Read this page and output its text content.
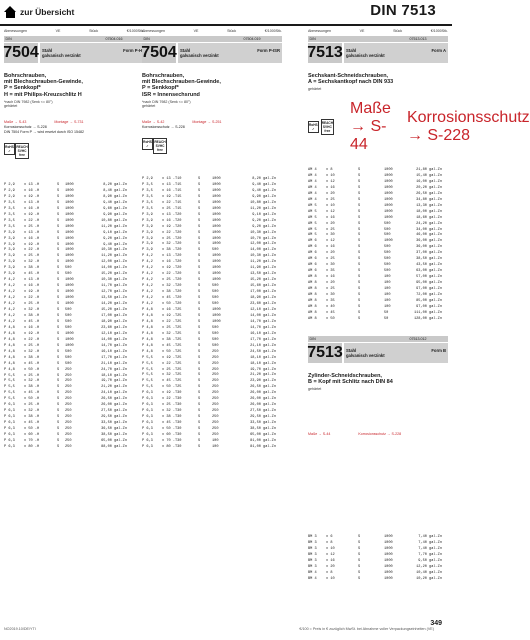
zur Übersicht	DIN 7513
Abmessungen	VE	Stück	€/1000Stk.
DIN	07504.016
7504 Stahl	Form P-H
galvanisch verzinkt
Bohrschrauben,
mit Blechschrauben-Gewinde,
P = Senkkopf*
H = mit Philips-Kreuzschlitz H
*nach DIN 7982 (Senk <= 80°)
gehärtet
Maße → S-43	Montage → S-731
Korrosionsschutz → S-228
DIN 7504 Form P → wird ersetzt durch ISO 15482
RoHS
✓
REACH
SVHC
free
Abmessungen	VE	Stück	€/1000Stk.
DIN	07504.019
7504 Stahl	Form P-ISR
galvanisch verzinkt
Bohrschrauben,
mit Blechschrauben-Gewinde,
P = Senkkopf*
ISR = Innensechsrund
*nach DIN 7982 (Senk <= 80°)
gehärtet
Maße → S-42	Montage → S-251
Korrosionsschutz → S-228
RoHS
✓
REACH
SVHC
free
Abmessungen	VE	Stück	€/1000Stk.
DIN	07513.013
7513 Stahl	Form A
galvanisch verzinkt
Sechskant-Schneidschrauben,
A = Sechskantkopf nach DIN 933
gehärtet
RoHS
✓
REACH
SVHC
free
Maße → S-44
Korrosionsschutz → S-228
P 2,9	x 13 -H	S	1000	8,20 gal.Zn
P 2,9	x 16 -H	S	1000	8,40 gal.Zn
P 2,9	x 19 -H	S	1000	8,90 gal.Zn
P 3,5	x 13 -H	S	1000	9,40 gal.Zn
P 3,5	x 16 -H	S	1000	9,60 gal.Zn
P 3,5	x 19 -H	S	1000	9,90 gal.Zn
P 3,5	x 22 -H	S	1000	10,80 gal.Zn
P 3,5	x 25 -H	S	1000	11,20 gal.Zn
P 3,9	x 13 -H	S	1000	9,10 gal.Zn
P 3,9	x 16 -H	S	1000	9,20 gal.Zn
P 3,9	x 19 -H	S	1000	9,40 gal.Zn
P 3,9	x 22 -H	S	1000	10,30 gal.Zn
P 3,9	x 25 -H	S	1000	11,20 gal.Zn
P 3,9	x 32 -H	S	1000	12,00 gal.Zn
P 3,9	x 38 -H	S	500	14,00 gal.Zn
P 3,9	x 45 -H	S	500	15,20 gal.Zn
P 4,2	x 13 -H	S	1000	10,30 gal.Zn
P 4,2	x 16 -H	S	1000	11,70 gal.Zn
P 4,2	x 19 -H	S	1000	12,70 gal.Zn
P 4,2	x 22 -H	S	1000	13,50 gal.Zn
P 4,2	x 25 -H	S	1000	14,20 gal.Zn
P 4,2	x 32 -H	S	500	15,20 gal.Zn
P 4,2	x 38 -H	S	500	17,00 gal.Zn
P 4,2	x 45 -H	S	500	18,90 gal.Zn
P 4,8	x 16 -H	S	500	23,60 gal.Zn
P 4,8	x 19 -H	S	1000	12,10 gal.Zn
P 4,8	x 22 -H	S	1000	14,00 gal.Zn
P 4,8	x 25 -H	S	1000	14,70 gal.Zn
P 4,8	x 32 -H	S	500	16,10 gal.Zn
P 4,8	x 38 -H	S	500	17,70 gal.Zn
P 4,8	x 45 -H	S	500	21,10 gal.Zn
P 4,8	x 50 -H	S	250	24,70 gal.Zn
P 5,5	x 25 -H	S	250	18,10 gal.Zn
P 5,5	x 32 -H	S	250	19,70 gal.Zn
P 5,5	x 38 -H	S	250	21,20 gal.Zn
P 5,5	x 45 -H	S	250	24,10 gal.Zn
P 5,5	x 50 -H	S	250	26,50 gal.Zn
P 6,3	x 25 -H	S	250	26,00 gal.Zn
P 6,3	x 32 -H	S	250	27,50 gal.Zn
P 6,3	x 38 -H	S	250	29,50 gal.Zn
P 6,3	x 45 -H	S	250	33,50 gal.Zn
P 6,3	x 50 -H	S	250	36,50 gal.Zn
P 6,3	x 60 -H	S	250	38,50 gal.Zn
P 6,3	x 70 -H	S	250	65,00 gal.Zn
P 6,3	x 80 -H	S	250	88,00 gal.Zn
P 2,9	x 13 -T10	S	1000	8,20 gal.Zn
P 3,5	x 13 -T15	S	1000	9,40 gal.Zn
P 3,5	x 16 -T15	S	1000	9,40 gal.Zn
P 3,5	x 19 -T15	S	1000	9,90 gal.Zn
P 3,5	x 22 -T15	S	1000	10,80 gal.Zn
P 3,5	x 25 -T15	S	1000	11,20 gal.Zn
P 3,9	x 13 -T20	S	1000	9,10 gal.Zn
P 3,9	x 16 -T20	S	1000	9,20 gal.Zn
P 3,9	x 19 -T20	S	1000	9,20 gal.Zn
P 3,9	x 22 -T20	S	1000	10,30 gal.Zn
P 3,9	x 25 -T20	S	1000	10,70 gal.Zn
P 3,9	x 32 -T20	S	1000	12,00 gal.Zn
P 3,9	x 38 -T20	S	500	14,00 gal.Zn
P 4,2	x 13 -T20	S	1000	10,30 gal.Zn
P 4,2	x 16 -T20	S	1000	11,20 gal.Zn
P 4,2	x 19 -T20	S	1000	11,90 gal.Zn
P 4,2	x 22 -T20	S	1000	13,50 gal.Zn
P 4,2	x 25 -T20	S	1000	15,20 gal.Zn
P 4,2	x 32 -T20	S	500	15,60 gal.Zn
P 4,2	x 38 -T20	S	500	17,00 gal.Zn
P 4,2	x 45 -T20	S	500	18,90 gal.Zn
P 4,2	x 50 -T20	S	500	23,60 gal.Zn
P 4,8	x 16 -T25	S	1000	12,10 gal.Zn
P 4,8	x 19 -T25	S	1000	14,00 gal.Zn
P 4,8	x 22 -T25	S	1000	14,70 gal.Zn
P 4,8	x 25 -T25	S	500	14,70 gal.Zn
P 4,8	x 32 -T25	S	500	16,10 gal.Zn
P 4,8	x 38 -T25	S	500	17,70 gal.Zn
P 4,8	x 45 -T25	S	500	21,10 gal.Zn
P 4,8	x 50 -T25	S	250	24,50 gal.Zn
P 5,5	x 19 -T25	S	250	18,10 gal.Zn
P 5,5	x 22 -T25	S	250	18,10 gal.Zn
P 5,5	x 25 -T25	S	250	19,70 gal.Zn
P 5,5	x 32 -T25	S	250	21,20 gal.Zn
P 5,5	x 45 -T25	S	250	23,90 gal.Zn
P 5,5	x 50 -T25	S	250	26,50 gal.Zn
P 6,3	x 19 -T30	S	250	26,00 gal.Zn
P 6,3	x 22 -T30	S	250	26,00 gal.Zn
P 6,3	x 25 -T30	S	250	26,00 gal.Zn
P 6,3	x 32 -T30	S	250	27,50 gal.Zn
P 6,3	x 38 -T30	S	250	29,50 gal.Zn
P 6,3	x 45 -T30	S	250	33,50 gal.Zn
P 6,3	x 50 -T30	S	250	38,50 gal.Zn
P 6,3	x 60 -T30	S	250	65,00 gal.Zn
P 6,3	x 70 -T30	S	100	81,00 gal.Zn
P 6,3	x 80 -T30	S	100	81,00 gal.Zn
AM 4	x 8	S	1000	21,80 gal.Zn
AM 4	x 10	S	1000	15,40 gal.Zn
AM 4	x 12	S	1000	16,00 gal.Zn
AM 4	x 16	S	1000	20,20 gal.Zn
AM 4	x 20	S	1000	26,50 gal.Zn
AM 4	x 25	S	1000	34,80 gal.Zn
AM 5	x 10	S	1000	13,30 gal.Zn
AM 5	x 12	S	1000	18,00 gal.Zn
AM 5	x 16	S	1000	18,60 gal.Zn
AM 5	x 20	S	500	24,20 gal.Zn
AM 5	x 25	S	500	34,00 gal.Zn
AM 5	x 30	S	500	46,00 gal.Zn
AM 6	x 12	S	1000	36,00 gal.Zn
AM 6	x 16	S	500	36,00 gal.Zn
AM 6	x 20	S	500	37,00 gal.Zn
AM 6	x 25	S	500	38,50 gal.Zn
AM 6	x 30	S	500	43,50 gal.Zn
AM 6	x 35	S	500	63,00 gal.Zn
AM 8	x 16	S	100	57,00 gal.Zn
AM 8	x 20	S	100	95,00 gal.Zn
AM 8	x 25	S	100	97,00 gal.Zn
AM 8	x 30	S	100	72,00 gal.Zn
AM 8	x 35	S	100	85,00 gal.Zn
AM 8	x 40	S	100	97,00 gal.Zn
AM 8	x 45	S	50	111,00 gal.Zn
AM 8	x 50	S	50	128,00 gal.Zn
DIN	07513.012
7513 Stahl	Form B
galvanisch verzinkt
Zylinder-Schneidschrauben,
B = Kopf mit Schlitz nach DIN 84
gehärtet
Maße → S-44	Korrosionsschutz → S-228
BM 3	x 6	S	1000	7,40 gal.Zn
BM 3	x 8	S	1000	7,40 gal.Zn
BM 3	x 10	S	1000	7,40 gal.Zn
BM 3	x 12	S	1000	7,70 gal.Zn
BM 3	x 16	S	1000	9,50 gal.Zn
BM 3	x 20	S	1000	12,20 gal.Zn
BM 4	x 8	S	1000	10,40 gal.Zn
BM 4	x 10	S	1000	10,20 gal.Zn
NO2019.10/DE/YTI	€/100 = Preis in € zuzüglich MwSt. bei Abnahme voller Verpackungseinheiten (VE)
349
